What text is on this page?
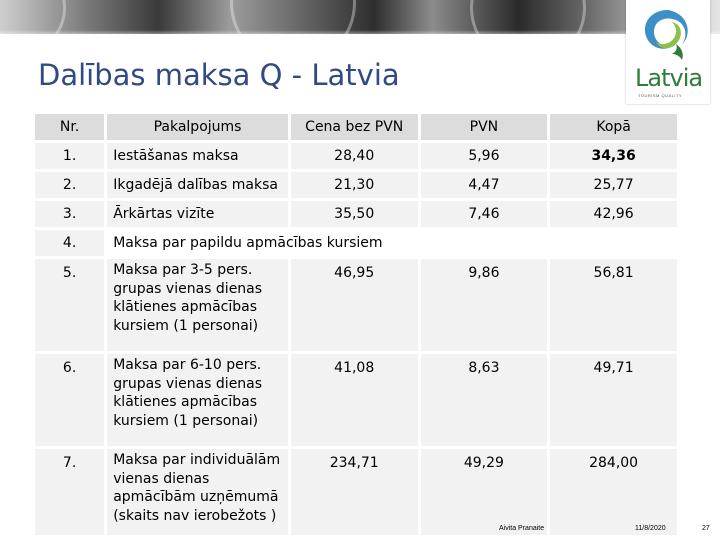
Dalības maksa Q - Latvia	Latvia
TOURISM QUALITY
Nr.	Pakalpojums	Cena bez PVN	PVN	Kopā
1.	Iestāšanas maksa	28,40	5,96	34,36
2.	Ikgadējā dalības maksa	21,30	4,47	25,77
3.	Ārkārtas vizīte	35,50	7,46	42,96
4.	Maksa par papildu apmācības kursiem			
5.	Maksa par 3-5 pers. grupas vienas dienas klātienes apmācības kursiem (1 personai)	46,95	9,86	56,81
6.	Maksa par 6-10 pers. grupas vienas dienas klātienes apmācības kursiem (1 personai)	41,08	8,63	49,71
7.	Maksa par individuālām vienas dienas apmācībām uzņēmumā (skaits nav ierobežots )	234,71	49,29	284,00
Aivita Pranaite	11/8/2020	27
